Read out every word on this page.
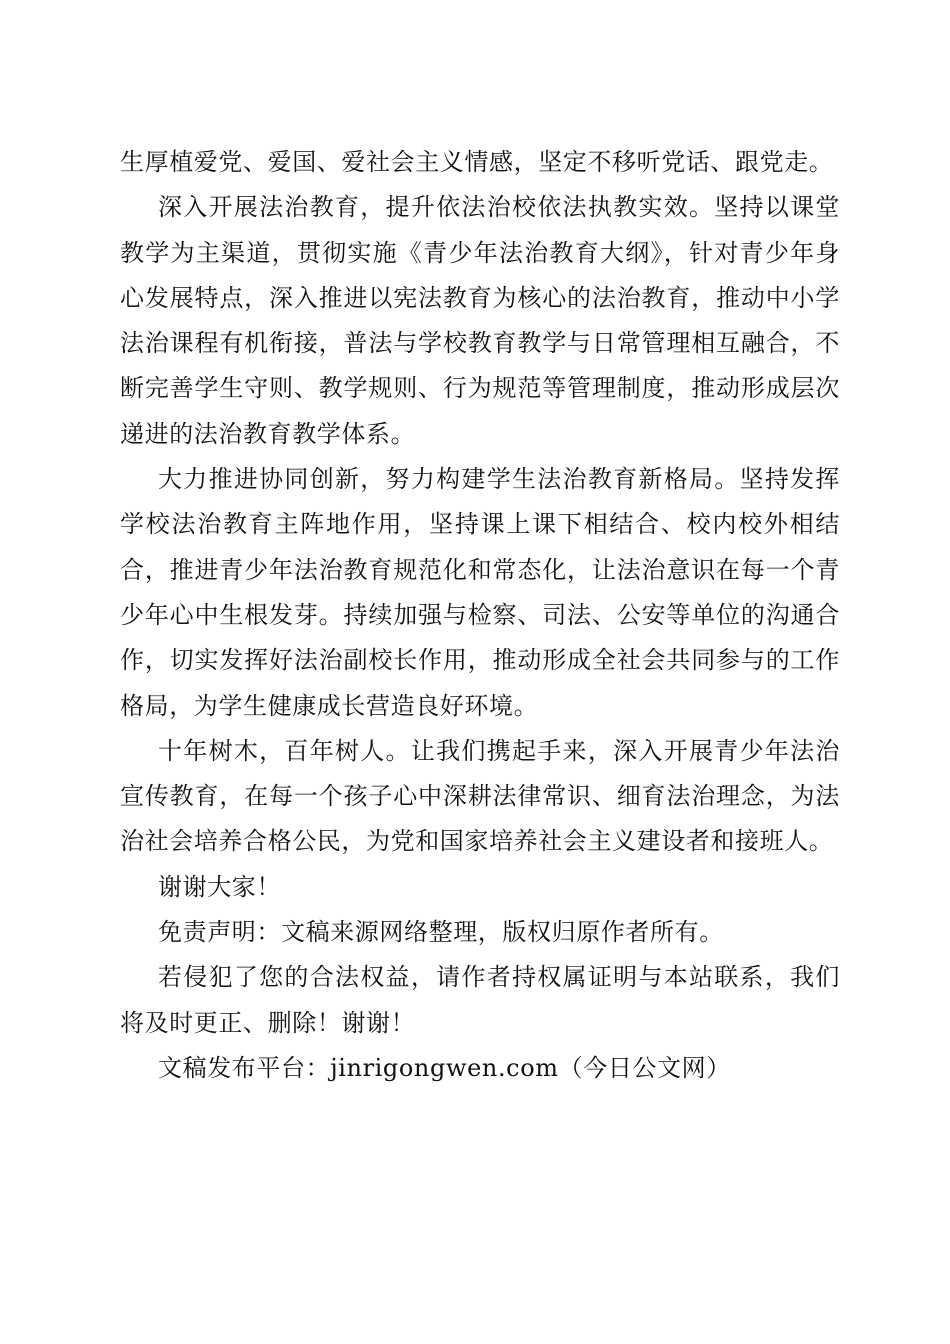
生厚植爱党、爱国、爱社会主义情感，坚定不移听党话、跟党走。

深入开展法治教育，提升依法治校依法执教实效。坚持以课堂教学为主渠道，贯彻实施《青少年法治教育大纲》，针对青少年身心发展特点，深入推进以宪法教育为核心的法治教育，推动中小学法治课程有机衔接，普法与学校教育教学与日常管理相互融合，不断完善学生守则、教学规则、行为规范等管理制度，推动形成层次递进的法治教育教学体系。

大力推进协同创新，努力构建学生法治教育新格局。坚持发挥学校法治教育主阵地作用，坚持课上课下相结合、校内校外相结合，推进青少年法治教育规范化和常态化，让法治意识在每一个青少年心中生根发芽。持续加强与检察、司法、公安等单位的沟通合作，切实发挥好法治副校长作用，推动形成全社会共同参与的工作格局，为学生健康成长营造良好环境。

十年树木，百年树人。让我们携起手来，深入开展青少年法治宣传教育，在每一个孩子心中深耕法律常识、细育法治理念，为法治社会培养合格公民，为党和国家培养社会主义建设者和接班人。

谢谢大家！

免责声明：文稿来源网络整理，版权归原作者所有。

若侵犯了您的合法权益，请作者持权属证明与本站联系，我们将及时更正、删除！谢谢！

文稿发布平台：jinrigongwen.com（今日公文网）
